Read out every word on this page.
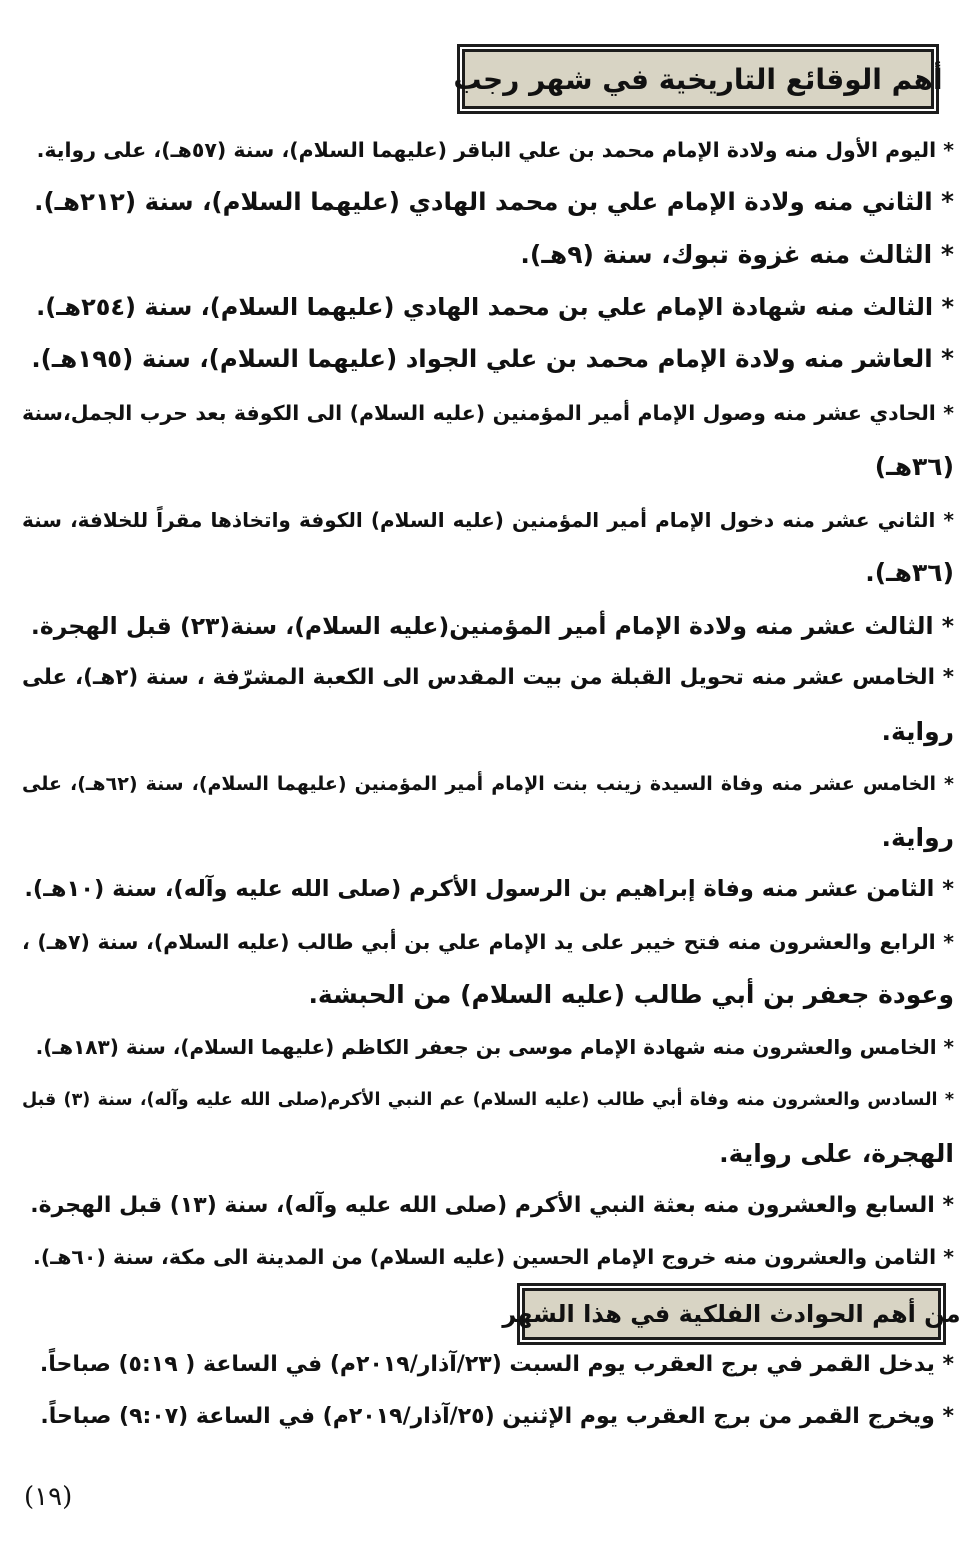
أهم الوقائع التاريخية في شهر رجب
* اليوم الأول منه ولادة الإمام محمد بن علي الباقر (عليهما السلام)، سنة (٥٧هـ)، على رواية.
* الثاني منه ولادة الإمام علي بن محمد الهادي (عليهما السلام)، سنة (٢١٢هـ).
* الثالث منه غزوة تبوك، سنة (٩هـ).
* الثالث منه شهادة الإمام علي بن محمد الهادي (عليهما السلام)، سنة (٢٥٤هـ).
* العاشر منه ولادة الإمام محمد بن علي الجواد (عليهما السلام)، سنة (١٩٥هـ).
* الحادي عشر منه وصول الإمام أمير المؤمنين (عليه السلام) الى الكوفة بعد حرب الجمل،سنة
(٣٦هـ)
* الثاني عشر منه دخول الإمام أمير المؤمنين (عليه السلام) الكوفة واتخاذها مقراً للخلافة، سنة
(٣٦هـ).
* الثالث عشر منه ولادة الإمام أمير المؤمنين(عليه السلام)، سنة(٢٣) قبل الهجرة.
* الخامس عشر منه تحويل القبلة من بيت المقدس الى الكعبة المشرّفة ، سنة (٢هـ)، على
رواية.
* الخامس عشر منه وفاة السيدة زينب بنت الإمام أمير المؤمنين (عليهما السلام)، سنة (٦٢هـ)، على
رواية.
* الثامن عشر منه وفاة إبراهيم بن الرسول الأكرم (صلى الله عليه وآله)، سنة (١٠هـ).
* الرابع والعشرون منه فتح خيبر على يد الإمام علي بن أبي طالب (عليه السلام)، سنة (٧هـ) ،
وعودة جعفر بن أبي طالب (عليه السلام) من الحبشة.
* الخامس والعشرون منه شهادة الإمام موسى بن جعفر الكاظم (عليهما السلام)، سنة (١٨٣هـ).
* السادس والعشرون منه وفاة أبي طالب (عليه السلام) عم النبي الأكرم(صلى الله عليه وآله)، سنة (٣) قبل
الهجرة، على رواية.
* السابع والعشرون منه بعثة النبي الأكرم (صلى الله عليه وآله)، سنة (١٣) قبل الهجرة.
* الثامن والعشرون منه خروج الإمام الحسين (عليه السلام) من المدينة الى مكة، سنة (٦٠هـ).
من أهم الحوادث الفلكية في هذا الشهر
* يدخل القمر في برج العقرب يوم السبت (٢٣/آذار/٢٠١٩م) في الساعة ( ٥:١٩) صباحاً.
* ويخرج القمر من برج العقرب يوم الإثنين (٢٥/آذار/٢٠١٩م) في الساعة (٩:٠٧) صباحاً.
(١٩)
